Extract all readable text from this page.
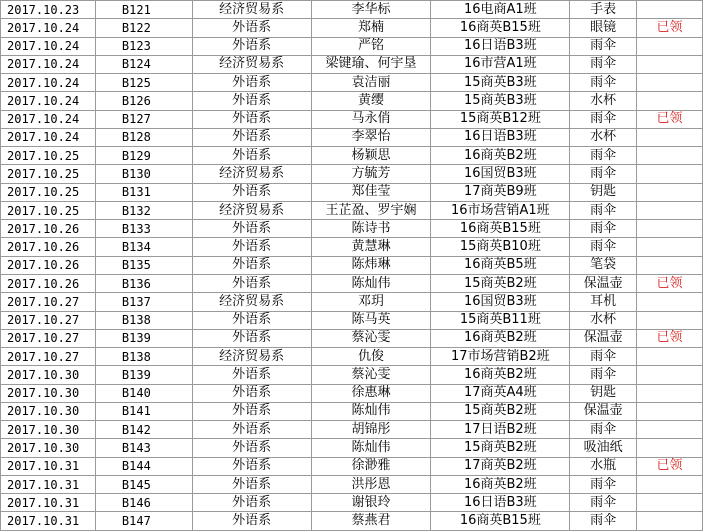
2017.10.23	B121	经济贸易系	李华标	16电商A1班	手表	
2017.10.24	B122	外语系	郑楠	16商英B15班	眼镜	已领
2017.10.24	B123	外语系	严铭	16日语B3班	雨伞	
2017.10.24	B124	经济贸易系	梁键瑜、何宇垦	16市营A1班	雨伞	
2017.10.24	B125	外语系	袁洁丽	15商英B3班	雨伞	
2017.10.24	B126	外语系	黄缨	15商英B3班	水杯	
2017.10.24	B127	外语系	马永俏	15商英B12班	雨伞	已领
2017.10.24	B128	外语系	李翠怡	16日语B3班	水杯	
2017.10.25	B129	外语系	杨颖思	16商英B2班	雨伞	
2017.10.25	B130	经济贸易系	方毓芳	16国贸B3班	雨伞	
2017.10.25	B131	外语系	郑佳莹	17商英B9班	钥匙	
2017.10.25	B132	经济贸易系	王芷盈、罗宇娴	16市场营销A1班	雨伞	
2017.10.26	B133	外语系	陈诗书	16商英B15班	雨伞	
2017.10.26	B134	外语系	黄慧琳	15商英B10班	雨伞	
2017.10.26	B135	外语系	陈炜琳	16商英B5班	笔袋	
2017.10.26	B136	外语系	陈灿伟	15商英B2班	保温壶	已领
2017.10.27	B137	经济贸易系	邓玥	16国贸B3班	耳机	
2017.10.27	B138	外语系	陈马英	15商英B11班	水杯	
2017.10.27	B139	外语系	蔡沁雯	16商英B2班	保温壶	已领
2017.10.27	B138	经济贸易系	仇俊	17市场营销B2班	雨伞	
2017.10.30	B139	外语系	蔡沁雯	16商英B2班	雨伞	
2017.10.30	B140	外语系	徐惠琳	17商英A4班	钥匙	
2017.10.30	B141	外语系	陈灿伟	15商英B2班	保温壶	
2017.10.30	B142	外语系	胡锦彤	17日语B2班	雨伞	
2017.10.30	B143	外语系	陈灿伟	15商英B2班	吸油纸	
2017.10.31	B144	外语系	徐渺雅	17商英B2班	水瓶	已领
2017.10.31	B145	外语系	洪彤恩	16商英B2班	雨伞	
2017.10.31	B146	外语系	谢银玲	16日语B3班	雨伞	
2017.10.31	B147	外语系	蔡燕君	16商英B15班	雨伞	
